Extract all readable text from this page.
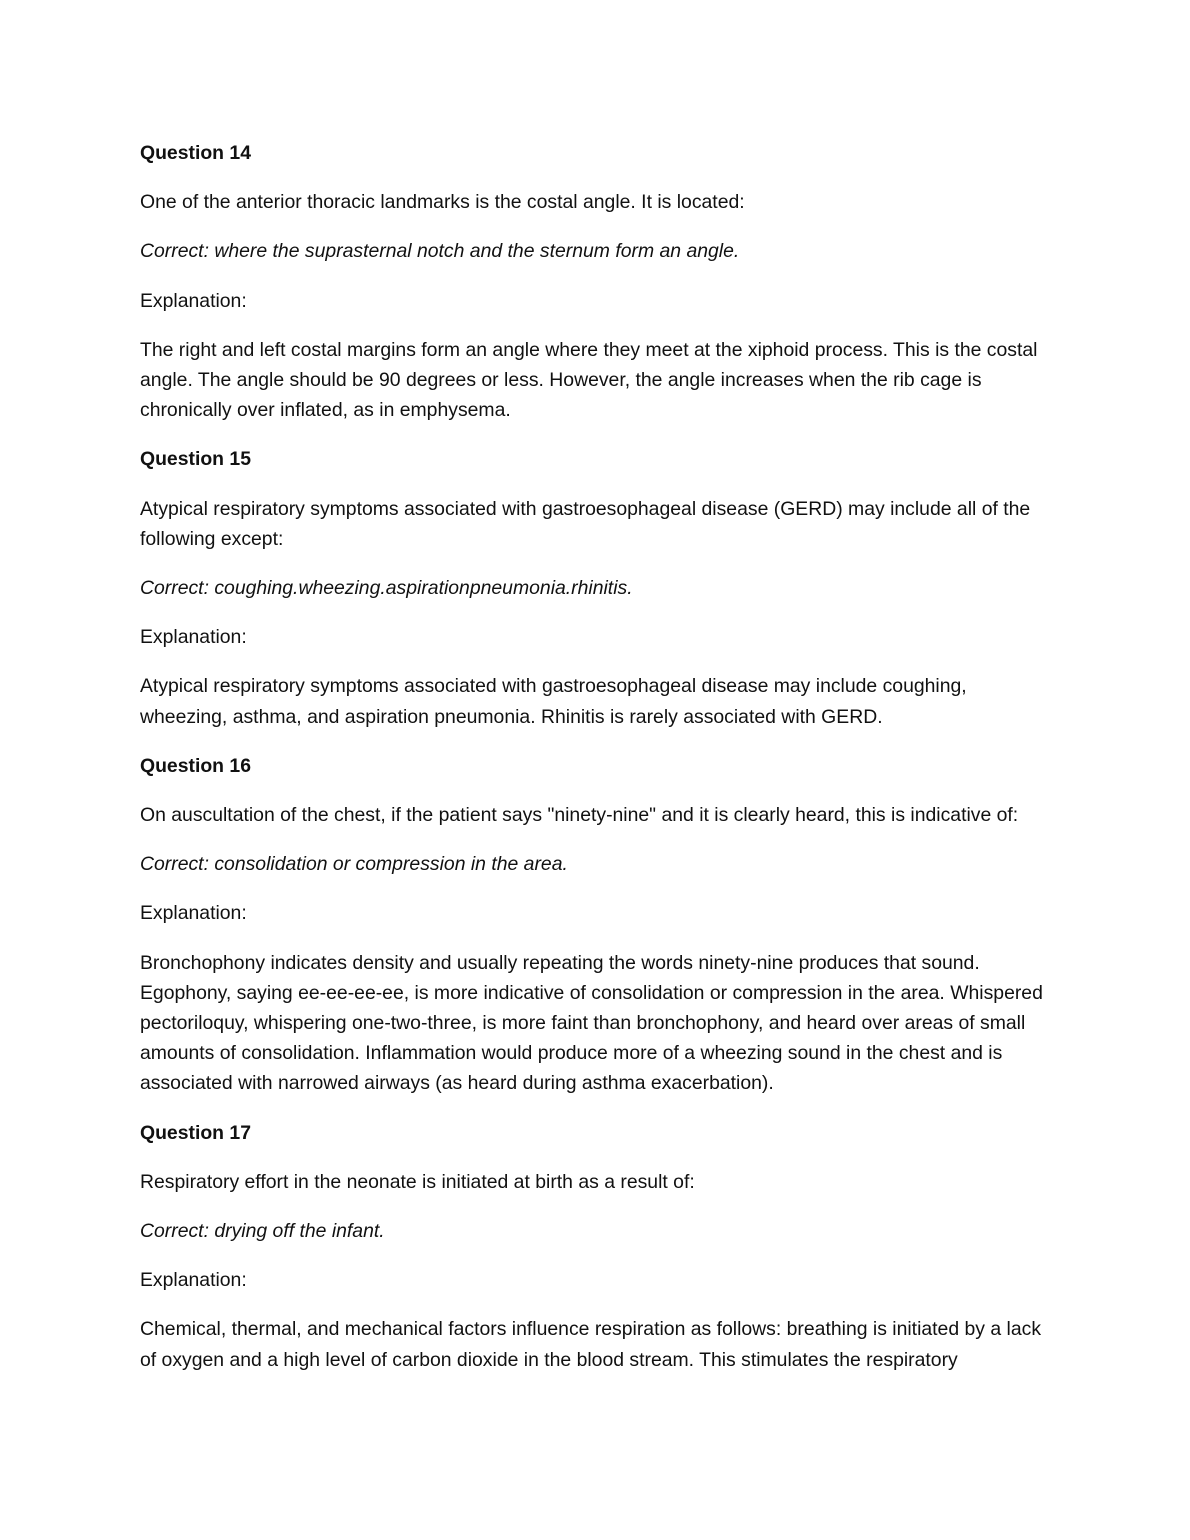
Question 14

One of the anterior thoracic landmarks is the costal angle. It is located:

Correct: where the suprasternal notch and the sternum form an angle.

Explanation:

The right and left costal margins form an angle where they meet at the xiphoid process. This is the costal angle. The angle should be 90 degrees or less. However, the angle increases when the rib cage is chronically over inflated, as in emphysema.

Question 15

Atypical respiratory symptoms associated with gastroesophageal disease (GERD) may include all of the following except:

Correct: coughing.wheezing.aspirationpneumonia.rhinitis.

Explanation:

Atypical respiratory symptoms associated with gastroesophageal disease may include coughing, wheezing, asthma, and aspiration pneumonia. Rhinitis is rarely associated with GERD.

Question 16

On auscultation of the chest, if the patient says "ninety-nine" and it is clearly heard, this is indicative of:

Correct: consolidation or compression in the area.

Explanation:

Bronchophony indicates density and usually repeating the words ninety-nine produces that sound. Egophony, saying ee-ee-ee-ee, is more indicative of consolidation or compression in the area. Whispered pectoriloquy, whispering one-two-three, is more faint than bronchophony, and heard over areas of small amounts of consolidation. Inflammation would produce more of a wheezing sound in the chest and is associated with narrowed airways (as heard during asthma exacerbation).

Question 17

Respiratory effort in the neonate is initiated at birth as a result of:

Correct: drying off the infant.

Explanation:

Chemical, thermal, and mechanical factors influence respiration as follows: breathing is initiated by a lack of oxygen and a high level of carbon dioxide in the blood stream. This stimulates the respiratory
